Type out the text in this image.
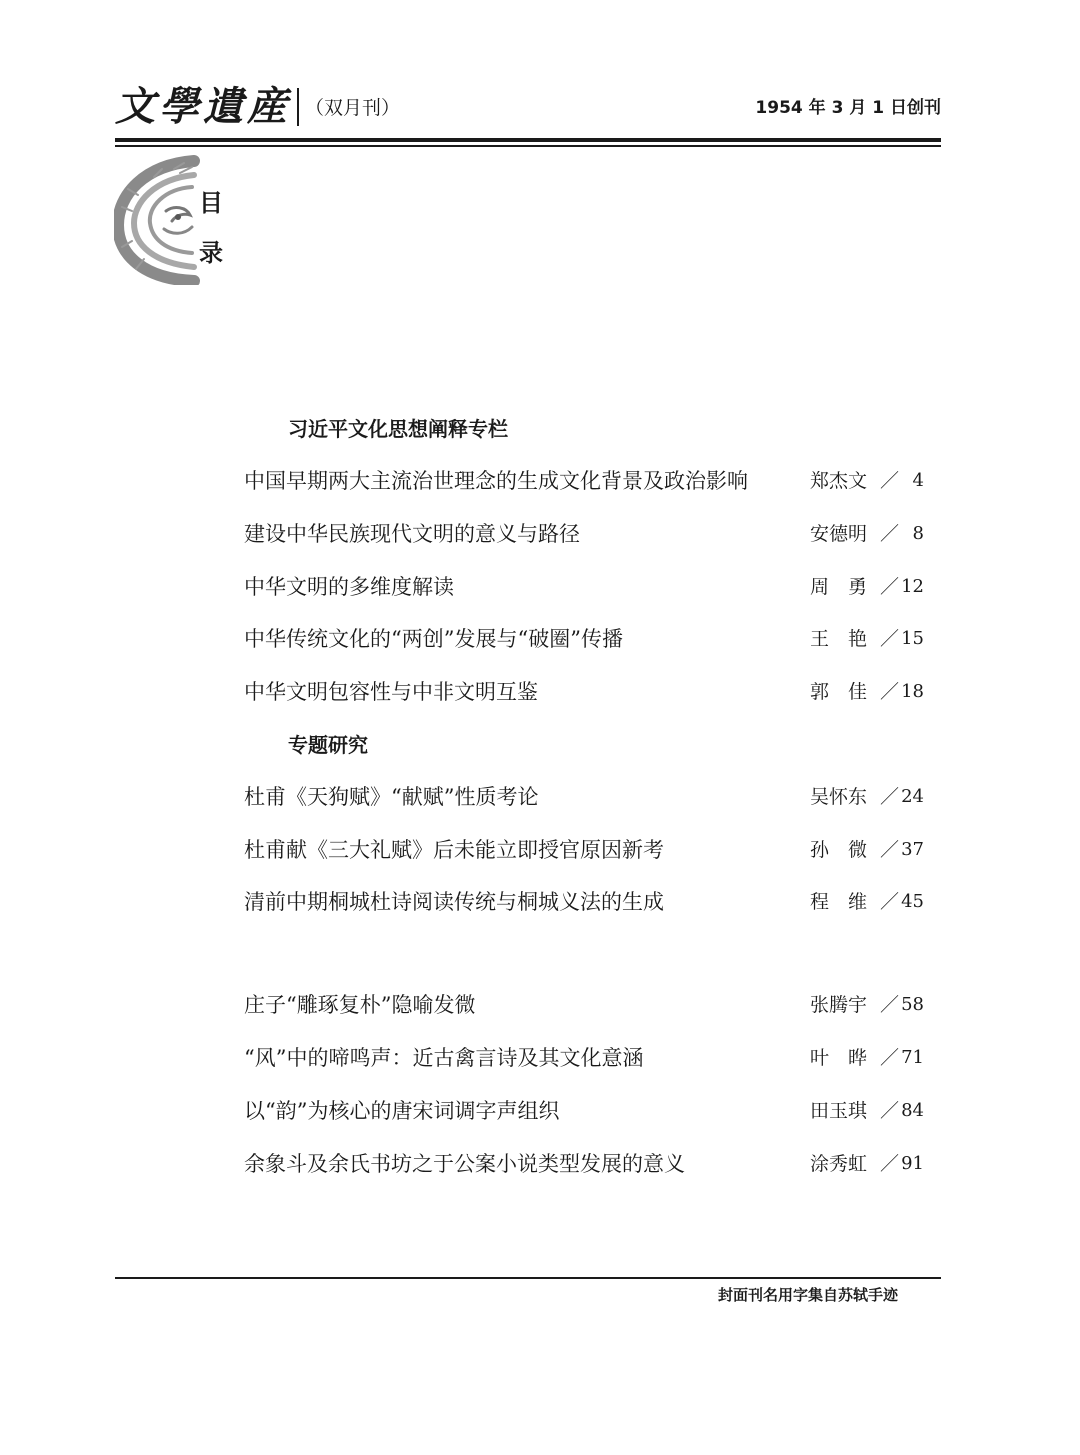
文學遺産 （双月刊）	1954 年 3 月 1 日创刊
目
录
习近平文化思想阐释专栏
中国早期两大主流治世理念的生成文化背景及政治影响	郑杰文 ／ 4
建设中华民族现代文明的意义与路径	安德明 ／ 8
中华文明的多维度解读	周　勇 ／ 12
中华传统文化的“两创”发展与“破圈”传播	王　艳 ／ 15
中华文明包容性与中非文明互鉴	郭　佳 ／ 18
专题研究
杜甫《天狗赋》“献赋”性质考论	吴怀东 ／ 24
杜甫献《三大礼赋》后未能立即授官原因新考	孙　微 ／ 37
清前中期桐城杜诗阅读传统与桐城义法的生成	程　维 ／ 45
庄子“雕琢复朴”隐喻发微	张腾宇 ／ 58
“风”中的啼鸣声：近古禽言诗及其文化意涵	叶　晔 ／ 71
以“韵”为核心的唐宋词调字声组织	田玉琪 ／ 84
余象斗及余氏书坊之于公案小说类型发展的意义	涂秀虹 ／ 91
封面刊名用字集自苏轼手迹
